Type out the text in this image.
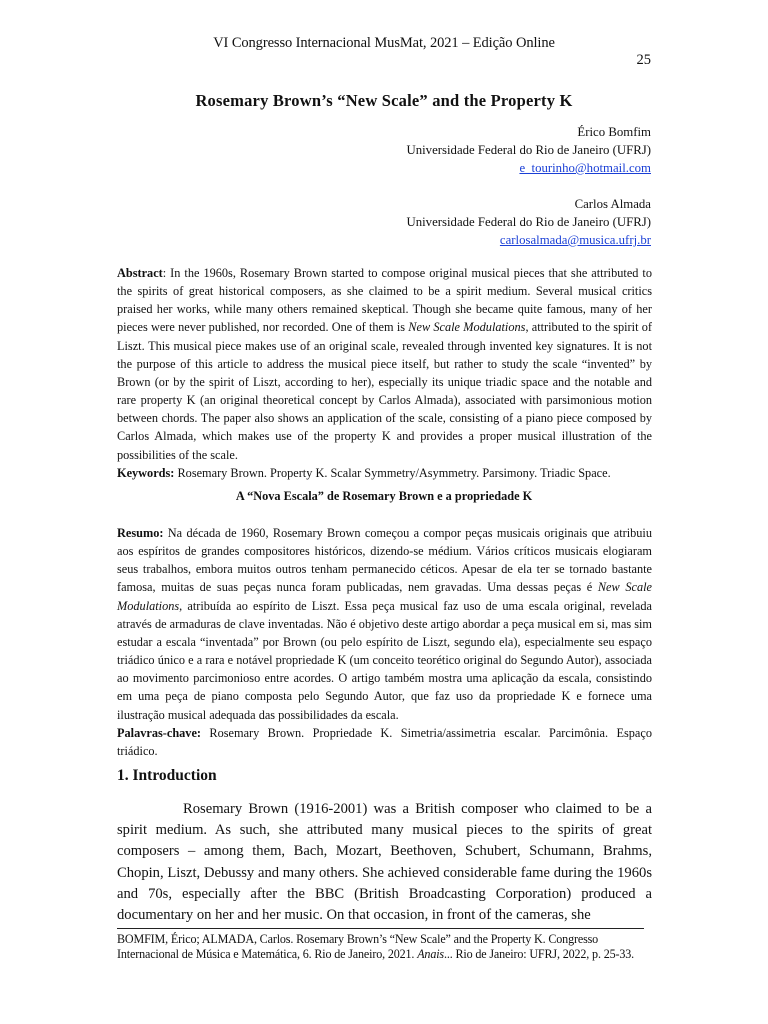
VI Congresso Internacional MusMat, 2021 – Edição Online
25
Rosemary Brown’s “New Scale” and the Property K
Érico Bomfim
Universidade Federal do Rio de Janeiro (UFRJ)
e_tourinho@hotmail.com
Carlos Almada
Universidade Federal do Rio de Janeiro (UFRJ)
carlosalmada@musica.ufrj.br

Abstract: In the 1960s, Rosemary Brown started to compose original musical pieces that she attributed to the spirits of great historical composers, as she claimed to be a spirit medium. Several musical critics praised her works, while many others remained skeptical. Though she became quite famous, many of her pieces were never published, nor recorded. One of them is New Scale Modulations, attributed to the spirit of Liszt. This musical piece makes use of an original scale, revealed through invented key signatures. It is not the purpose of this article to address the musical piece itself, but rather to study the scale “invented” by Brown (or by the spirit of Liszt, according to her), especially its unique triadic space and the notable and rare property K (an original theoretical concept by Carlos Almada), associated with parsimonious motion between chords. The paper also shows an application of the scale, consisting of a piano piece composed by Carlos Almada, which makes use of the property K and provides a proper musical illustration of the possibilities of the scale.

Keywords: Rosemary Brown. Property K. Scalar Symmetry/Asymmetry. Parsimony. Triadic Space.

A “Nova Escala” de Rosemary Brown e a propriedade K

Resumo: Na década de 1960, Rosemary Brown começou a compor peças musicais originais que atribuiu aos espíritos de grandes compositores históricos, dizendo-se médium. Vários críticos musicais elogiaram seus trabalhos, embora muitos outros tenham permanecido céticos. Apesar de ela ter se tornado bastante famosa, muitas de suas peças nunca foram publicadas, nem gravadas. Uma dessas peças é New Scale Modulations, atribuída ao espírito de Liszt. Essa peça musical faz uso de uma escala original, revelada através de armaduras de clave inventadas. Não é objetivo deste artigo abordar a peça musical em si, mas sim estudar a escala “inventada” por Brown (ou pelo espírito de Liszt, segundo ela), especialmente seu espaço triádico único e a rara e notável propriedade K (um conceito teorético original do Segundo Autor), associada ao movimento parcimonioso entre acordes. O artigo também mostra uma aplicação da escala, consistindo em uma peça de piano composta pelo Segundo Autor, que faz uso da propriedade K e fornece uma ilustração musical adequada das possibilidades da escala.

Palavras-chave: Rosemary Brown. Propriedade K. Simetria/assimetria escalar. Parcimônia. Espaço triádico.

1. Introduction

Rosemary Brown (1916-2001) was a British composer who claimed to be a spirit medium. As such, she attributed many musical pieces to the spirits of great composers – among them, Bach, Mozart, Beethoven, Schubert, Schumann, Brahms, Chopin, Liszt, Debussy and many others. She achieved considerable fame during the 1960s and 70s, especially after the BBC (British Broadcasting Corporation) produced a documentary on her and her music. On that occasion, in front of the cameras, she

BOMFIM, Érico; ALMADA, Carlos. Rosemary Brown’s “New Scale” and the Property K. Congresso

Internacional de Música e Matemática, 6. Rio de Janeiro, 2021. Anais... Rio de Janeiro: UFRJ, 2022, p. 25-33.
